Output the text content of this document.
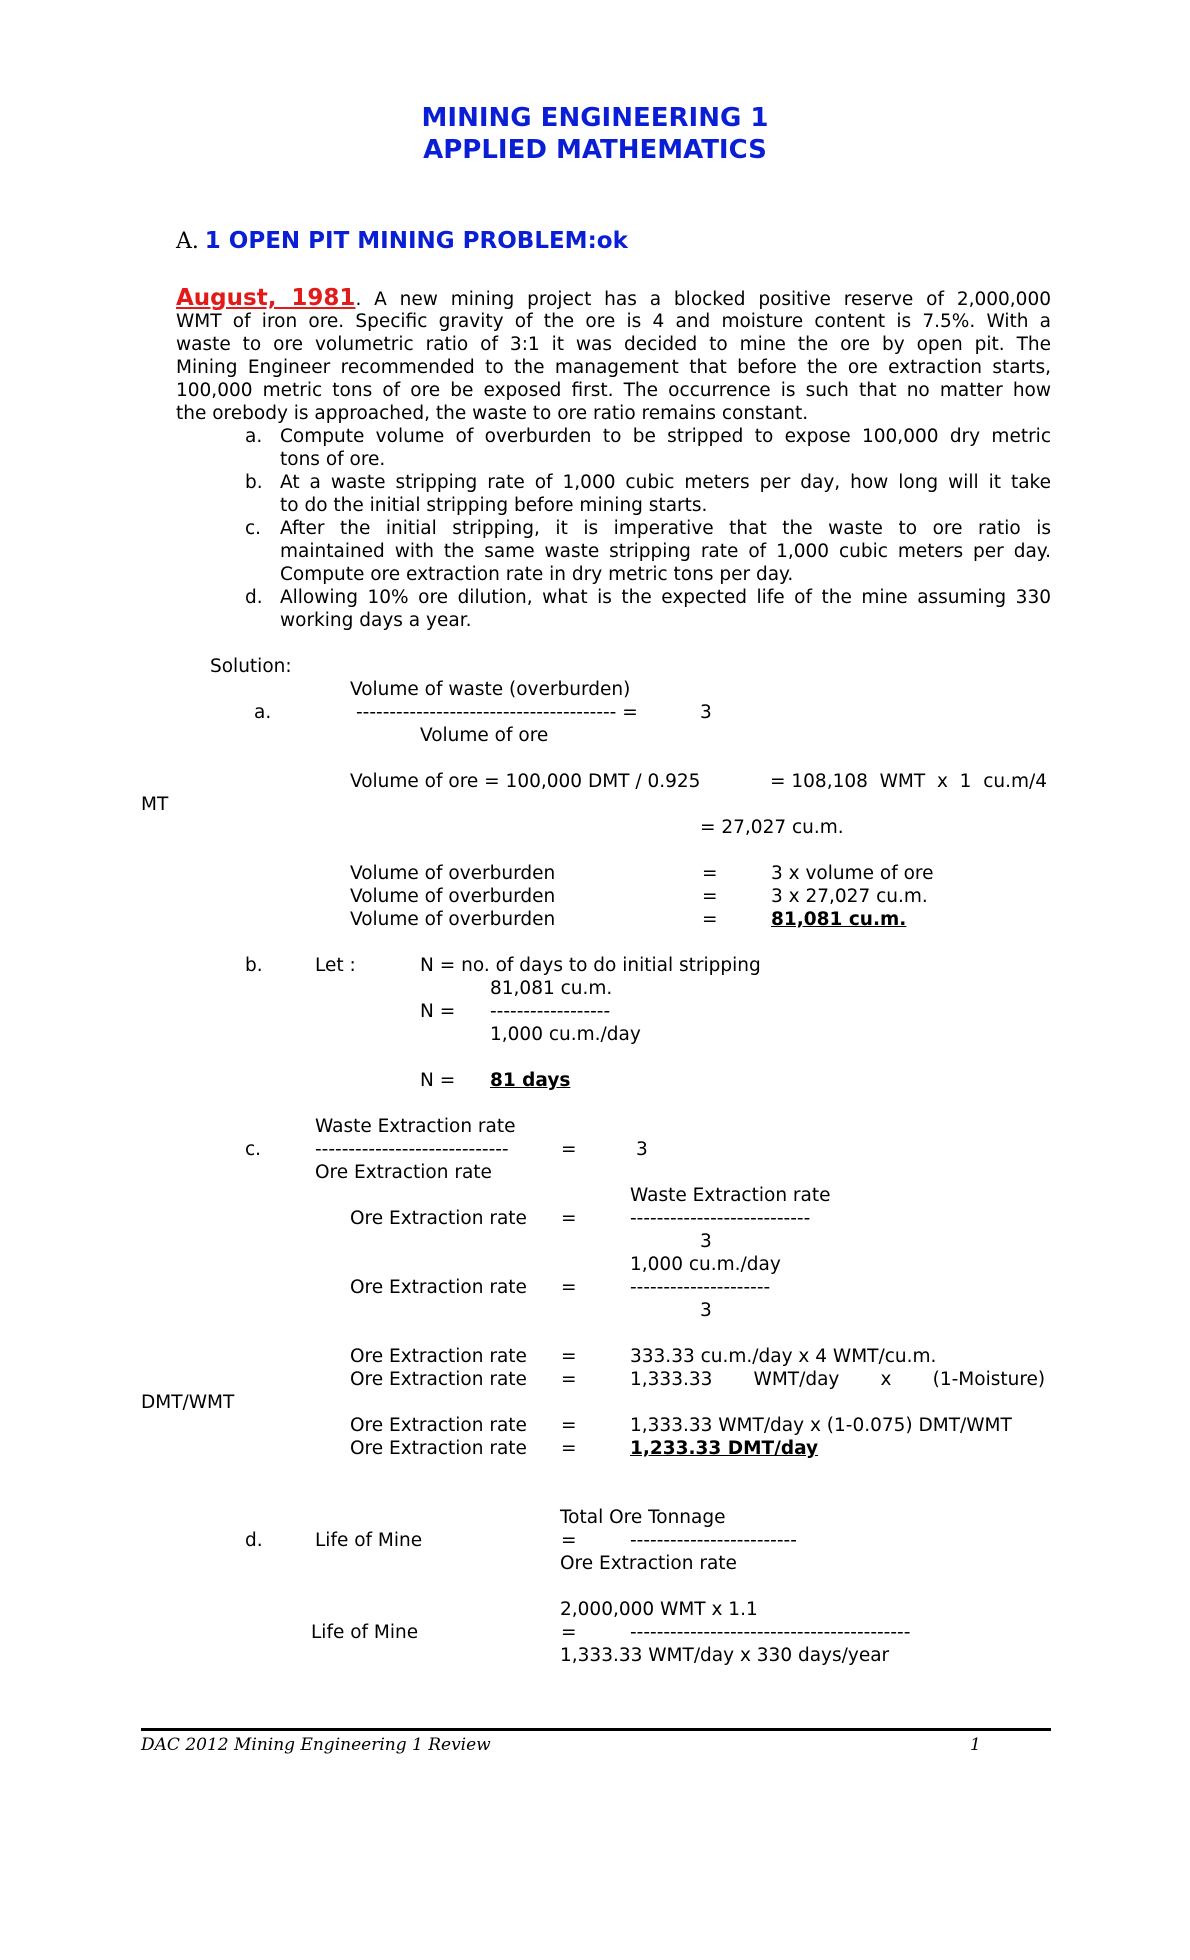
MINING ENGINEERING 1
APPLIED MATHEMATICS
A. 1 OPEN PIT MINING PROBLEM:ok
August, 1981. A new mining project has a blocked positive reserve of 2,000,000
WMT of iron ore. Specific gravity of the ore is 4 and moisture content is 7.5%. With a
waste to ore volumetric ratio of 3:1 it was decided to mine the ore by open pit. The
Mining Engineer recommended to the management that before the ore extraction starts,
100,000 metric tons of ore be exposed first. The occurrence is such that no matter how
the orebody is approached, the waste to ore ratio remains constant.
a. Compute volume of overburden to be stripped to expose 100,000 dry metric
tons of ore.
b. At a waste stripping rate of 1,000 cubic meters per day, how long will it take
to do the initial stripping before mining starts.
c. After the initial stripping, it is imperative that the waste to ore ratio is
maintained with the same waste stripping rate of 1,000 cubic meters per day.
Compute ore extraction rate in dry metric tons per day.
d. Allowing 10% ore dilution, what is the expected life of the mine assuming 330
working days a year.
Solution:
Volume of waste (overburden)
a.	--------------------------------------- =	3
Volume of ore
Volume of ore = 100,000 DMT / 0.925	= 108,108  WMT  x  1  cu.m/4
MT
= 27,027 cu.m.
Volume of overburden	=	3 x volume of ore
Volume of overburden	=	3 x 27,027 cu.m.
Volume of overburden	=	81,081 cu.m.
b.	Let :	N = no. of days to do initial stripping
81,081 cu.m.
N = ------------------
1,000 cu.m./day
N = 81 days
Waste Extraction rate
c.	-----------------------------	=	3
Ore Extraction rate
Waste Extraction rate
Ore Extraction rate =	---------------------------
3
1,000 cu.m./day
Ore Extraction rate =	---------------------
3
Ore Extraction rate =	333.33 cu.m./day x 4 WMT/cu.m.
Ore Extraction rate =	1,333.33       WMT/day       x       (1-Moisture)
DMT/WMT
Ore Extraction rate =	1,333.33 WMT/day x (1-0.075) DMT/WMT
Ore Extraction rate =	1,233.33 DMT/day
Total Ore Tonnage
d.	Life of Mine	=	-------------------------
Ore Extraction rate
2,000,000 WMT x 1.1
Life of Mine	=	------------------------------------------
1,333.33 WMT/day x 330 days/year
DAC 2012 Mining Engineering 1 Review	1
